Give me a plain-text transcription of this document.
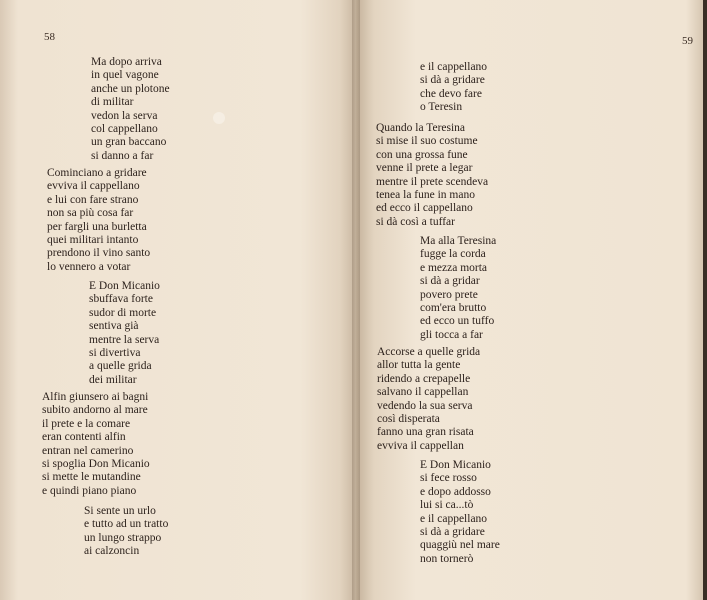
58
Ma dopo arriva
in quel vagone
anche un plotone
di militar
vedon la serva
col cappellano
un gran baccano
si danno a far
Cominciano a gridare
evviva il cappellano
e lui con fare strano
non sa più cosa far
per fargli una burletta
quei militari intanto
prendono il vino santo
lo vennero a votar
E Don Micanio
sbuffava forte
sudor di morte
sentiva già
mentre la serva
si divertiva
a quelle grida
dei militar
Alfin giunsero ai bagni
subito andorno al mare
il prete e la comare
eran contenti alfin
entran nel camerino
si spoglia Don Micanio
si mette le mutandine
e quindi piano piano
Si sente un urlo
e tutto ad un tratto
un lungo strappo
ai calzoncin
59
e il cappellano
si dà a gridare
che devo fare
o Teresin
Quando la Teresina
si mise il suo costume
con una grossa fune
venne il prete a legar
mentre il prete scendeva
tenea la fune in mano
ed ecco il cappellano
si dà così a tuffar
Ma alla Teresina
fugge la corda
e mezza morta
si dà a gridar
povero prete
com'era brutto
ed ecco un tuffo
gli tocca a far
Accorse a quelle grida
allor tutta la gente
ridendo a crepapelle
salvano il cappellan
vedendo la sua serva
così disperata
fanno una gran risata
evviva il cappellan
E Don Micanio
si fece rosso
e dopo addosso
lui si ca...tò
e il cappellano
si dà a gridare
quaggiù nel mare
non tornerò
